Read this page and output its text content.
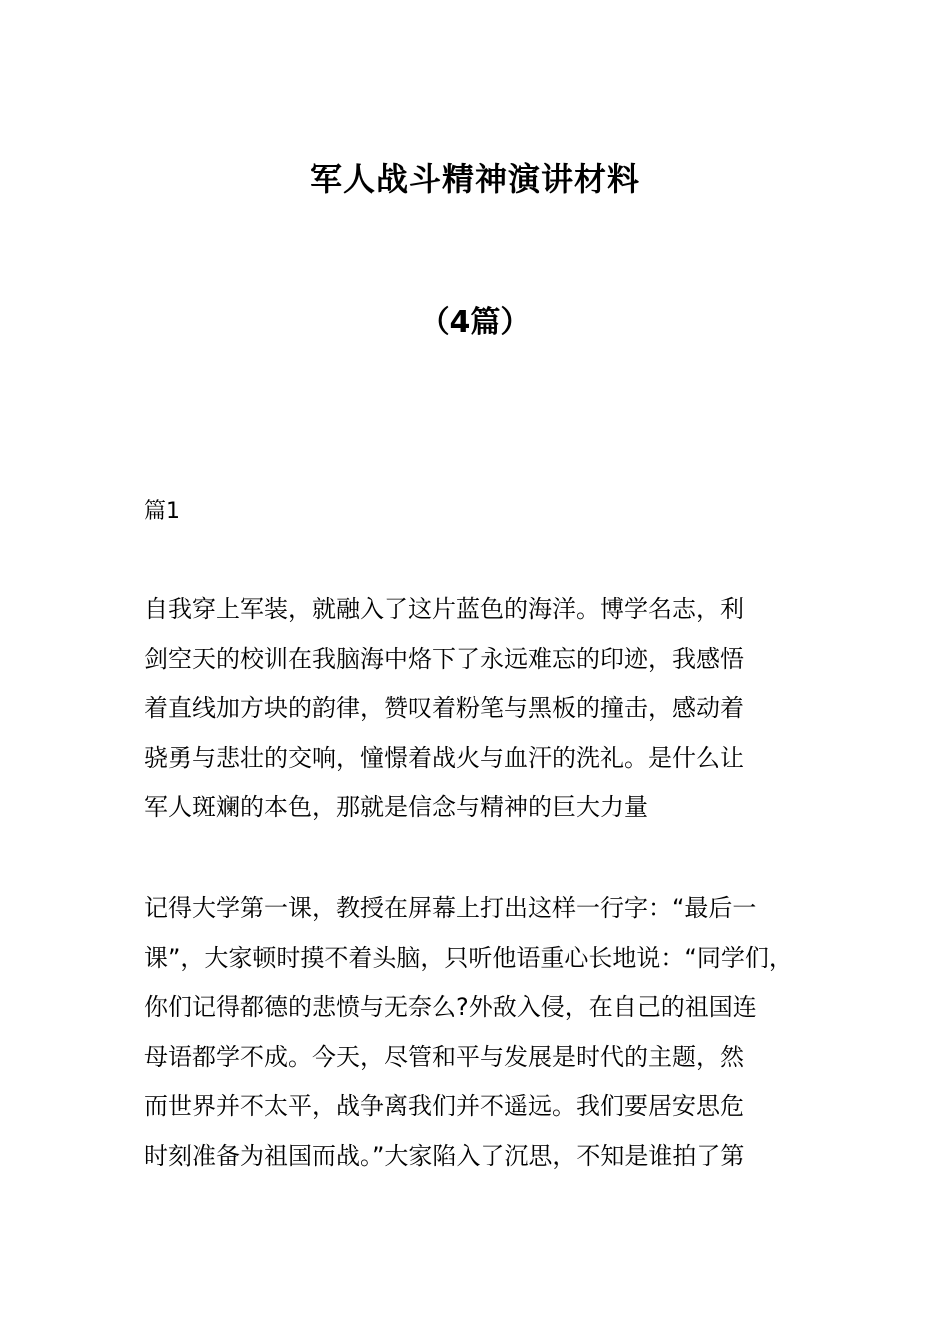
军人战斗精神演讲材料
（4篇）
篇1
自我穿上军装，就融入了这片蓝色的海洋。博学名志，利
剑空天的校训在我脑海中烙下了永远难忘的印迹，我感悟
着直线加方块的韵律，赞叹着粉笔与黑板的撞击，感动着
骁勇与悲壮的交响，憧憬着战火与血汗的洗礼。是什么让
军人斑斓的本色，那就是信念与精神的巨大力量
记得大学第一课，教授在屏幕上打出这样一行字：“最后一
课”，大家顿时摸不着头脑，只听他语重心长地说：“同学们，
你们记得都德的悲愤与无奈么?外敌入侵，在自己的祖国连
母语都学不成。今天，尽管和平与发展是时代的主题，然
而世界并不太平，战争离我们并不遥远。我们要居安思危
时刻准备为祖国而战。”大家陷入了沉思，不知是谁拍了第
